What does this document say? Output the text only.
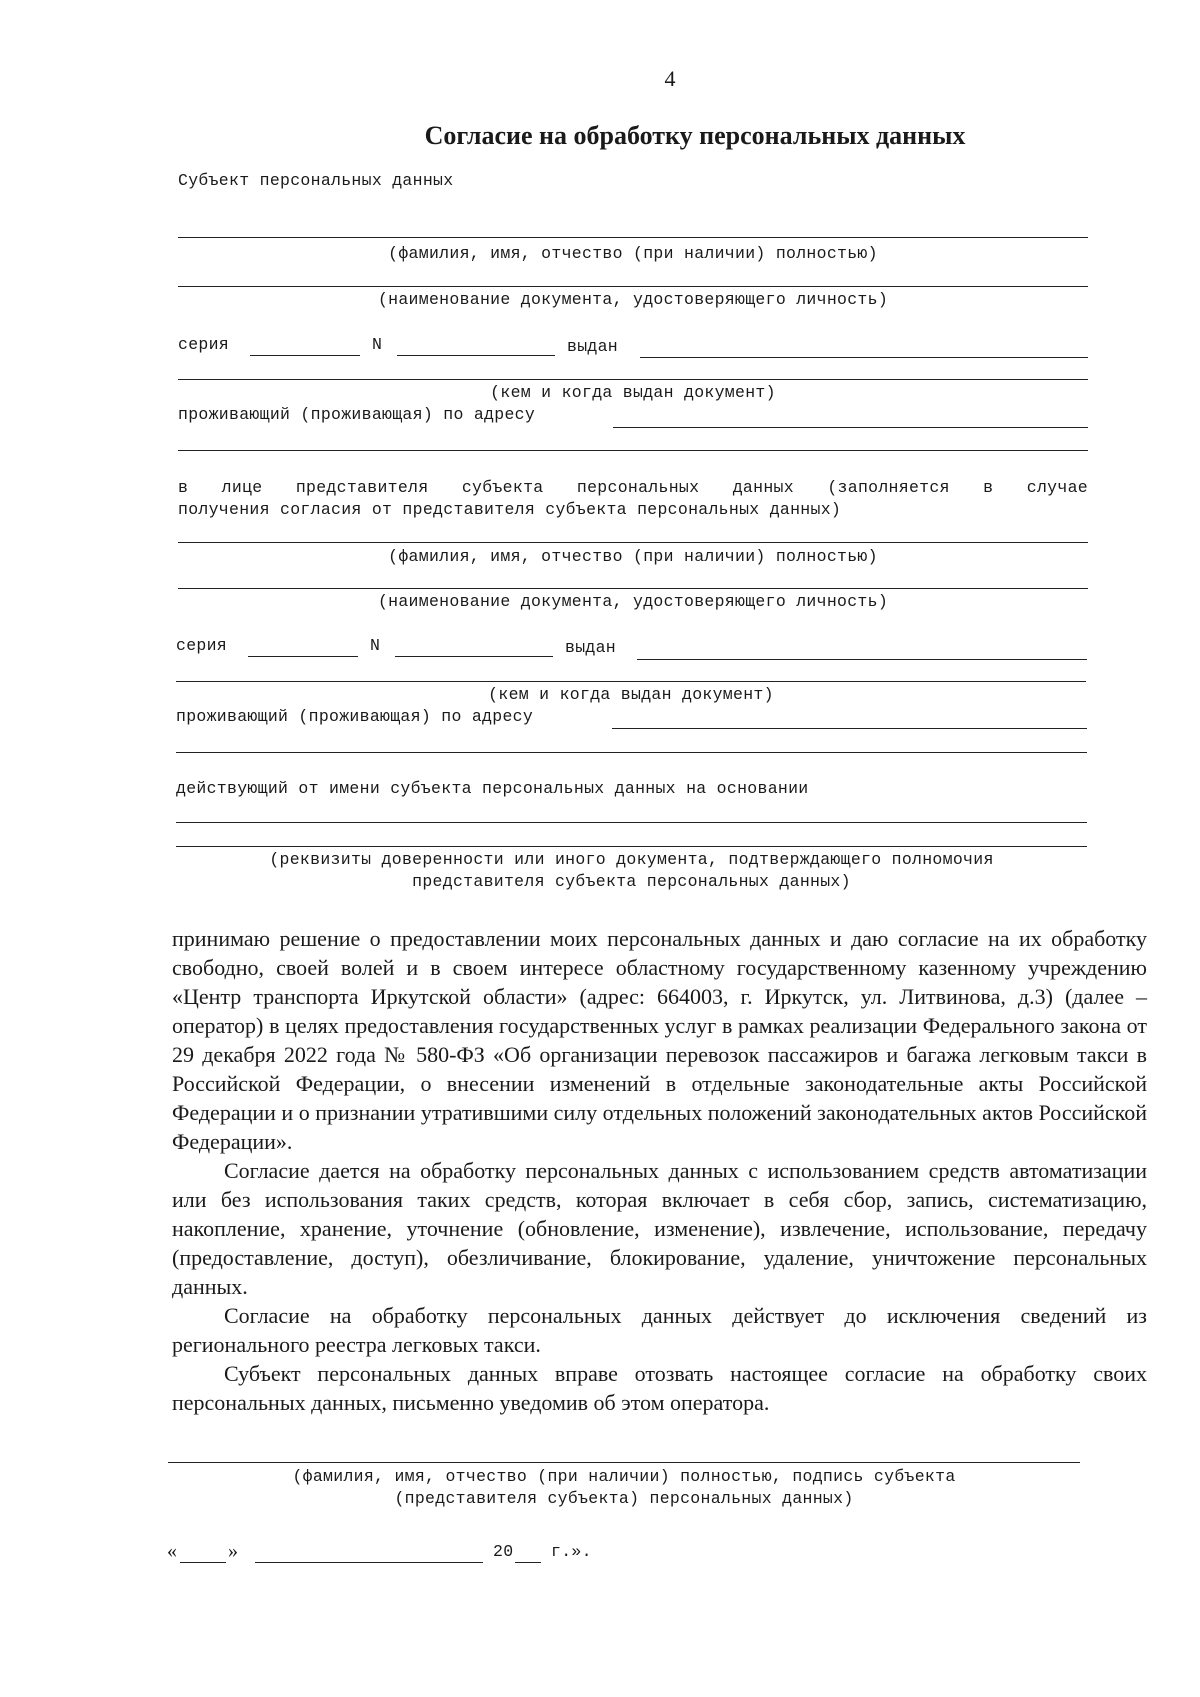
4
Согласие на обработку персональных данных
Субъект персональных данных
(фамилия, имя, отчество (при наличии) полностью)
(наименование документа, удостоверяющего личность)
серия	N	выдан
(кем и когда выдан документ)
проживающий (проживающая) по адресу
в лице представителя субъекта персональных данных (заполняется в случае
получения согласия от представителя субъекта персональных данных)
(фамилия, имя, отчество (при наличии) полностью)
(наименование документа, удостоверяющего личность)
серия	N	выдан
(кем и когда выдан документ)
проживающий (проживающая) по адресу
действующий от имени субъекта персональных данных на основании
(реквизиты доверенности или иного документа, подтверждающего полномочия
представителя субъекта персональных данных)

принимаю решение о предоставлении моих персональных данных и даю согласие на их обработку свободно, своей волей и в своем интересе областному государственному казенному учреждению «Центр транспорта Иркутской области» (адрес: 664003, г. Иркутск, ул. Литвинова, д.3) (далее – оператор) в целях предоставления государственных услуг в рамках реализации Федерального закона от 29 декабря 2022 года № 580-ФЗ «Об организации перевозок пассажиров и багажа легковым такси в Российской Федерации, о внесении изменений в отдельные законодательные акты Российской Федерации и о признании утратившими силу отдельных положений законодательных актов Российской Федерации».

Согласие дается на обработку персональных данных с использованием средств автоматизации или без использования таких средств, которая включает в себя сбор, запись, систематизацию, накопление, хранение, уточнение (обновление, изменение), извлечение, использование, передачу (предоставление, доступ), обезличивание, блокирование, удаление, уничтожение персональных данных.

Согласие на обработку персональных данных действует до исключения сведений из регионального реестра легковых такси.

Субъект персональных данных вправе отозвать настоящее согласие на обработку своих персональных данных, письменно уведомив об этом оператора.

(фамилия, имя, отчество (при наличии) полностью, подпись субъекта
(представителя субъекта) персональных данных)
«	»	20 г.».
